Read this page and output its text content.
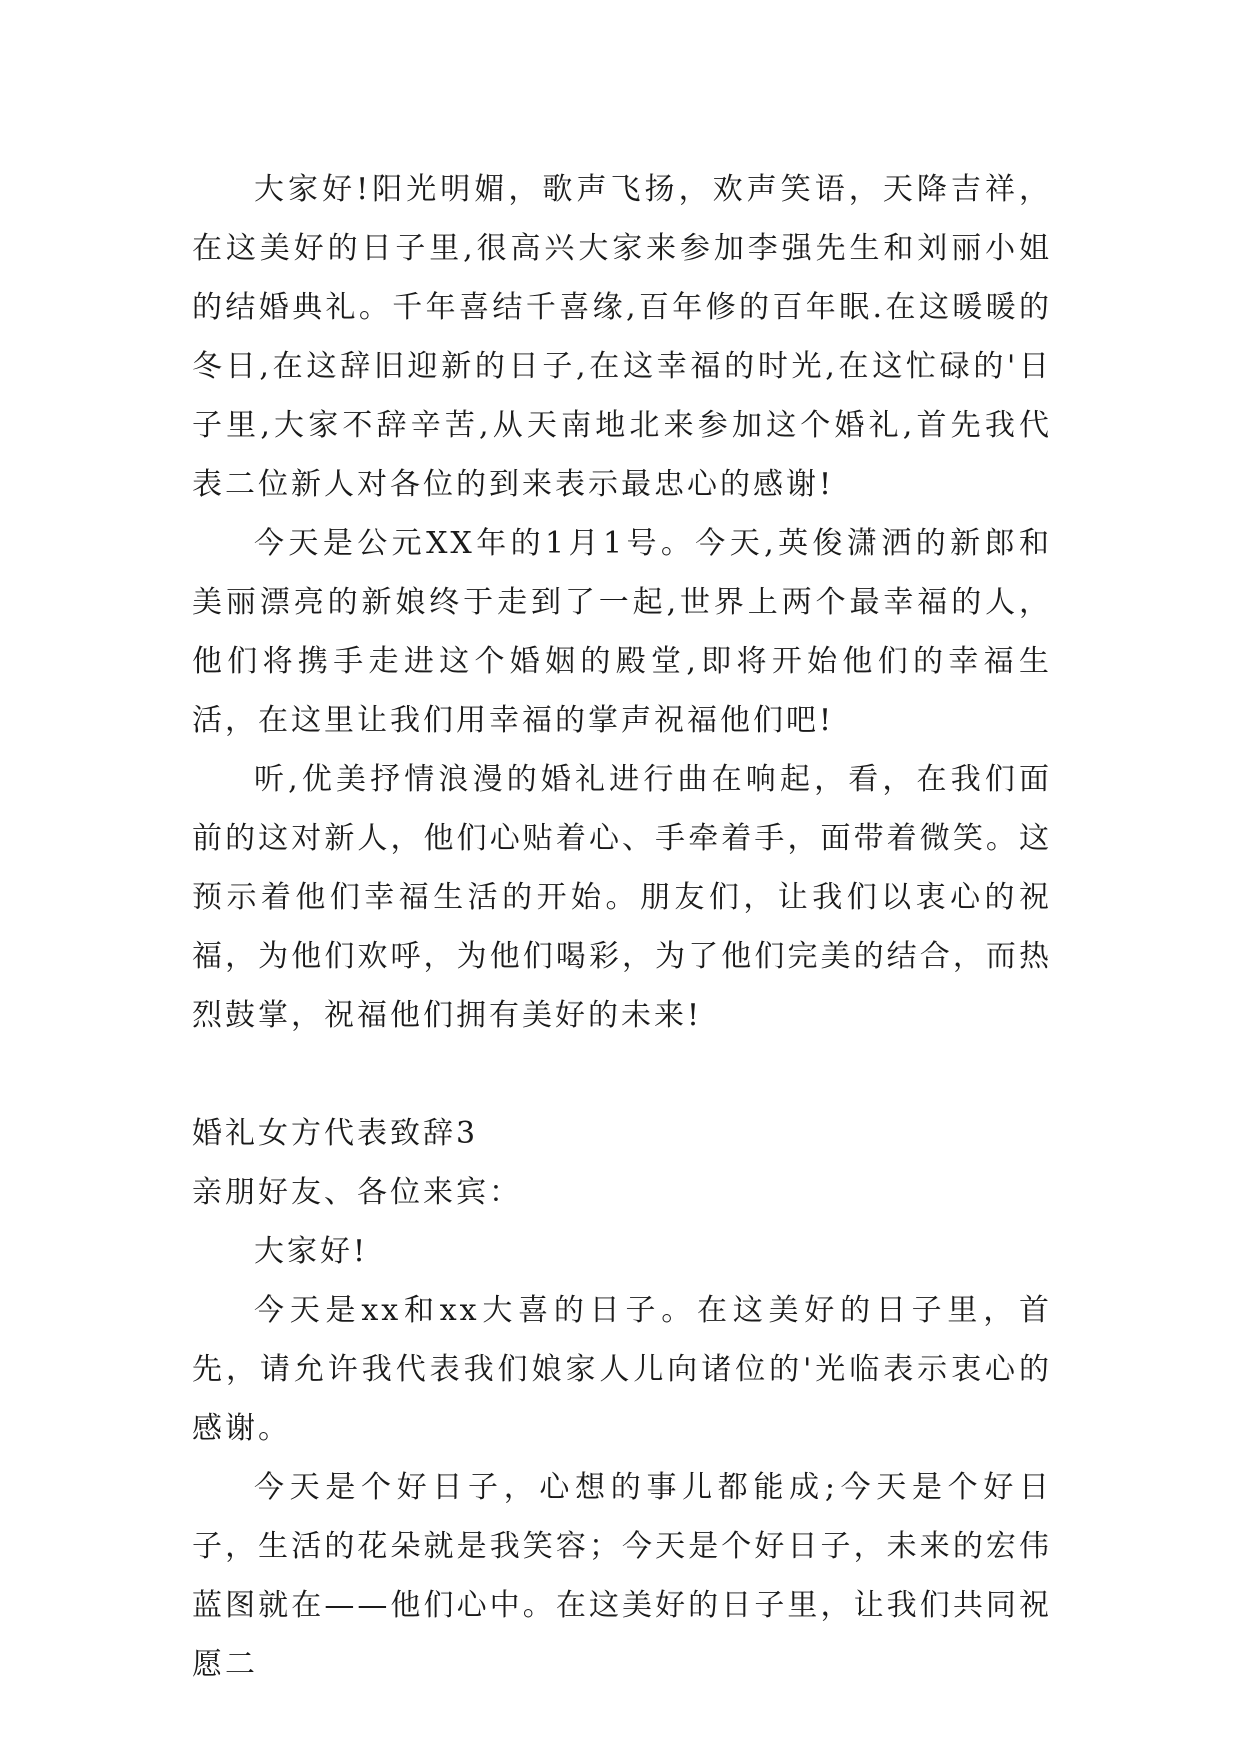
大家好!阳光明媚，歌声飞扬，欢声笑语，天降吉祥，在这美好的日子里,很高兴大家来参加李强先生和刘丽小姐的结婚典礼。千年喜结千喜缘,百年修的百年眠.在这暖暖的冬日,在这辞旧迎新的日子,在这幸福的时光,在这忙碌的'日子里,大家不辞辛苦,从天南地北来参加这个婚礼,首先我代表二位新人对各位的到来表示最忠心的感谢!

今天是公元XX年的1月1号。今天,英俊潇洒的新郎和美丽漂亮的新娘终于走到了一起,世界上两个最幸福的人，他们将携手走进这个婚姻的殿堂,即将开始他们的幸福生活，在这里让我们用幸福的掌声祝福他们吧!

听,优美抒情浪漫的婚礼进行曲在响起，看，在我们面前的这对新人，他们心贴着心、手牵着手，面带着微笑。这预示着他们幸福生活的开始。朋友们，让我们以衷心的祝福，为他们欢呼，为他们喝彩，为了他们完美的结合，而热烈鼓掌，祝福他们拥有美好的未来!

婚礼女方代表致辞3

亲朋好友、各位来宾：

大家好!

今天是xx和xx大喜的日子。在这美好的日子里，首先，请允许我代表我们娘家人儿向诸位的'光临表示衷心的感谢。

今天是个好日子，心想的事儿都能成;今天是个好日子，生活的花朵就是我笑容；今天是个好日子，未来的宏伟蓝图就在——他们心中。在这美好的日子里，让我们共同祝愿二
